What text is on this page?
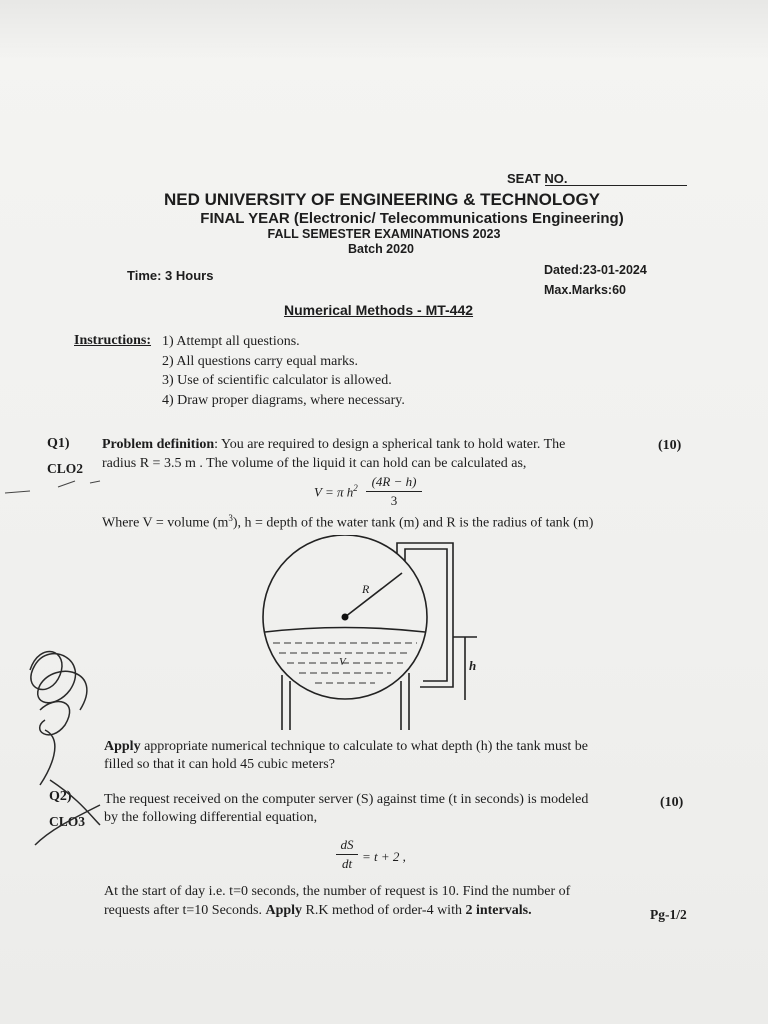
SEAT NO.
NED UNIVERSITY OF ENGINEERING & TECHNOLOGY
FINAL YEAR (Electronic/ Telecommunications Engineering)
FALL SEMESTER EXAMINATIONS 2023
Batch 2020
Time: 3 Hours	Dated:23-01-2024
Max.Marks:60
Numerical Methods - MT-442
Instructions: 1) Attempt all questions.
2) All questions carry equal marks.
3) Use of scientific calculator is allowed.
4) Draw proper diagrams, where necessary.
Q1)
CLO2
(10)
Problem definition: You are required to design a spherical tank to hold water. The
radius R = 3.5 m . The volume of the liquid it can hold can be calculated as,
V = π $h^2$	(4R − h)
3
Where V = volume $(m^3)$, h = depth of the water tank (m) and R is the radius of tank (m)
R
V	h
Apply appropriate numerical technique to calculate to what depth (h) the tank must be
filled so that it can hold 45 cubic meters?
Q2)
CLO3
(10)
The request received on the computer server (S) against time (t in seconds) is modeled
by the following differential equation,
dS
dt = t + 2 ,
At the start of day i.e. t=0 seconds, the number of request is 10. Find the number of
requests after t=10 Seconds. Apply R.K method of order-4 with 2 intervals.	Pg-1/2
